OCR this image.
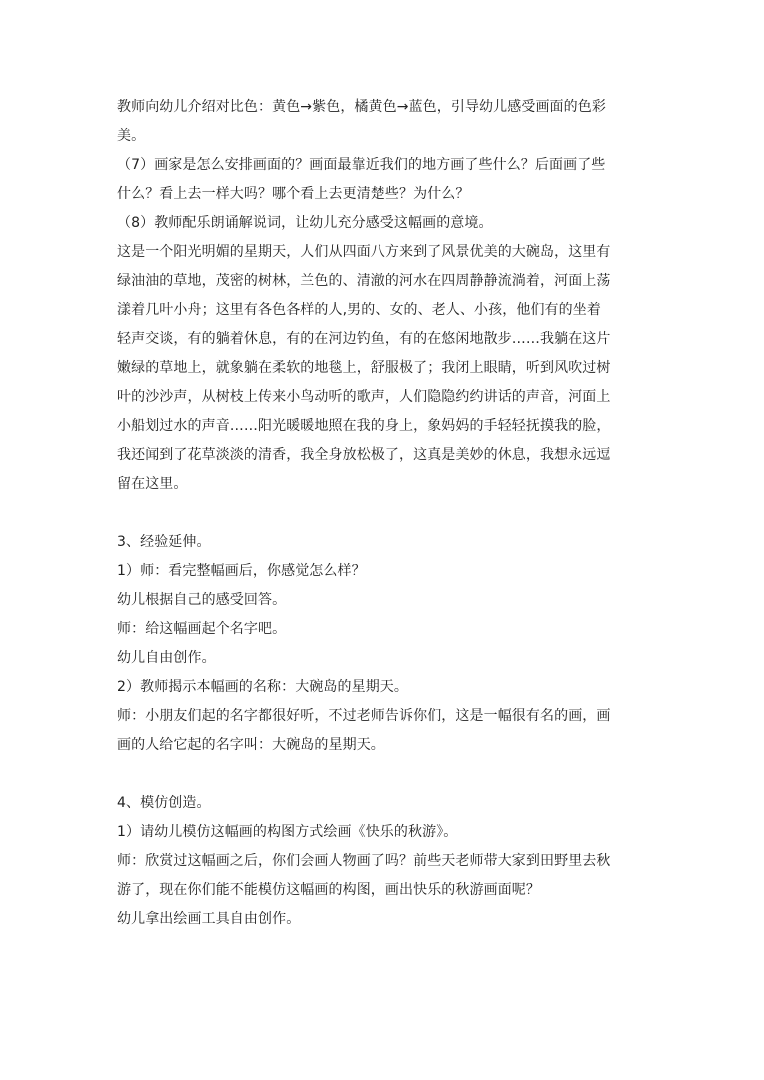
教师向幼儿介绍对比色：黄色→紫色，橘黄色→蓝色，引导幼儿感受画面的色彩
美。
（7）画家是怎么安排画面的？画面最靠近我们的地方画了些什么？后面画了些
什么？看上去一样大吗？哪个看上去更清楚些？为什么？
（8）教师配乐朗诵解说词，让幼儿充分感受这幅画的意境。
这是一个阳光明媚的星期天，人们从四面八方来到了风景优美的大碗岛，这里有
绿油油的草地，茂密的树林，兰色的、清澈的河水在四周静静流淌着，河面上荡
漾着几叶小舟；这里有各色各样的人,男的、女的、老人、小孩，他们有的坐着
轻声交谈，有的躺着休息，有的在河边钓鱼，有的在悠闲地散步……我躺在这片
嫩绿的草地上，就象躺在柔软的地毯上，舒服极了；我闭上眼睛，听到风吹过树
叶的沙沙声，从树枝上传来小鸟动听的歌声，人们隐隐约约讲话的声音，河面上
小船划过水的声音……阳光暖暖地照在我的身上，象妈妈的手轻轻抚摸我的脸，
我还闻到了花草淡淡的清香，我全身放松极了，这真是美妙的休息，我想永远逗
留在这里。
3、经验延伸。
1）师：看完整幅画后，你感觉怎么样？
幼儿根据自己的感受回答。
师：给这幅画起个名字吧。
幼儿自由创作。
2）教师揭示本幅画的名称：大碗岛的星期天。
师：小朋友们起的名字都很好听，不过老师告诉你们，这是一幅很有名的画，画
画的人给它起的名字叫：大碗岛的星期天。
4、模仿创造。
1）请幼儿模仿这幅画的构图方式绘画《快乐的秋游》。
师：欣赏过这幅画之后，你们会画人物画了吗？前些天老师带大家到田野里去秋
游了，现在你们能不能模仿这幅画的构图，画出快乐的秋游画面呢？
幼儿拿出绘画工具自由创作。
